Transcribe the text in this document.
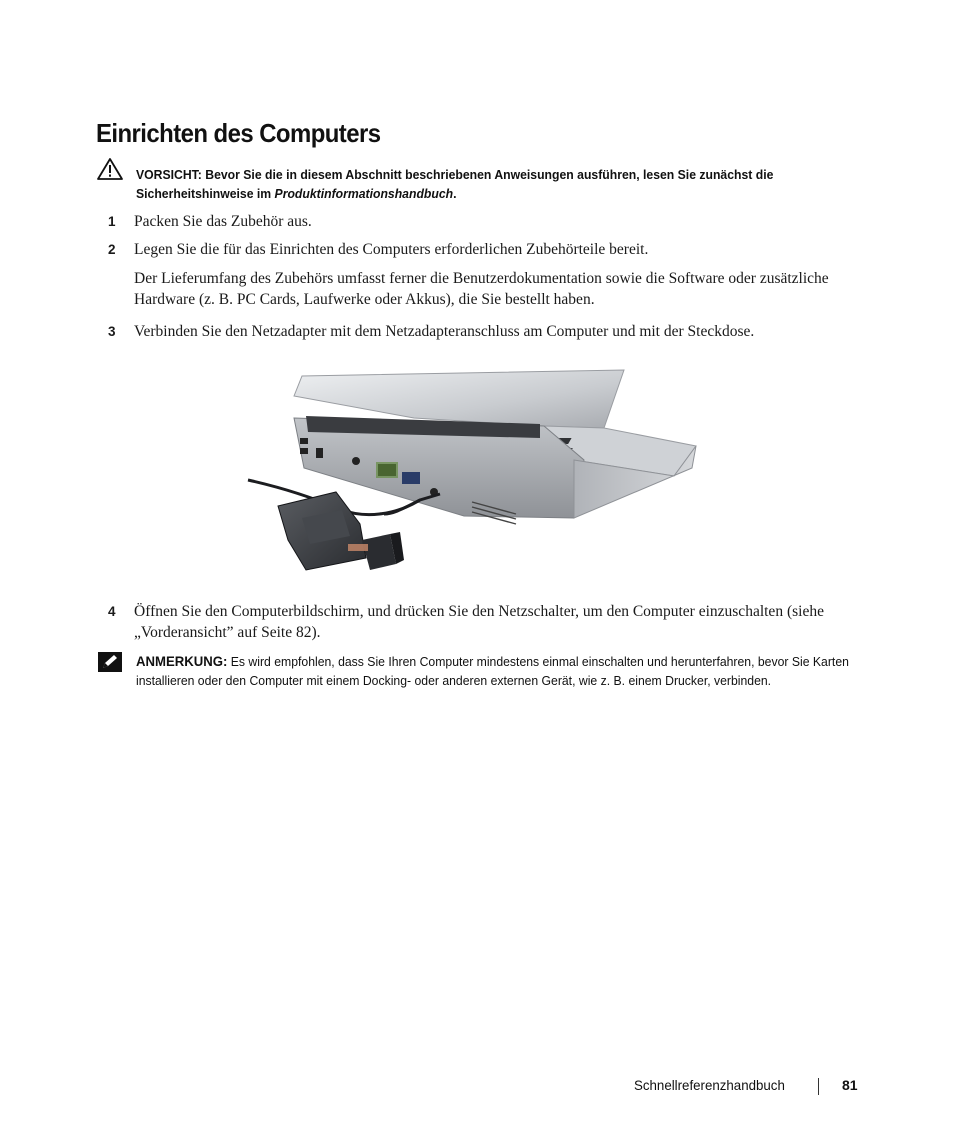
Einrichten des Computers
VORSICHT: Bevor Sie die in diesem Abschnitt beschriebenen Anweisungen ausführen, lesen Sie zunächst die Sicherheitshinweise im Produktinformationshandbuch.
1 Packen Sie das Zubehör aus.
2 Legen Sie die für das Einrichten des Computers erforderlichen Zubehörteile bereit.
Der Lieferumfang des Zubehörs umfasst ferner die Benutzerdokumentation sowie die Software oder zusätzliche Hardware (z. B. PC Cards, Laufwerke oder Akkus), die Sie bestellt haben.
3 Verbinden Sie den Netzadapter mit dem Netzadapteranschluss am Computer und mit der Steckdose.
4 Öffnen Sie den Computerbildschirm, und drücken Sie den Netzschalter, um den Computer einzuschalten (siehe „Vorderansicht” auf Seite 82).
ANMERKUNG: Es wird empfohlen, dass Sie Ihren Computer mindestens einmal einschalten und herunterfahren, bevor Sie Karten installieren oder den Computer mit einem Docking- oder anderen externen Gerät, wie z. B. einem Drucker, verbinden.
Schnellreferenzhandbuch	81
